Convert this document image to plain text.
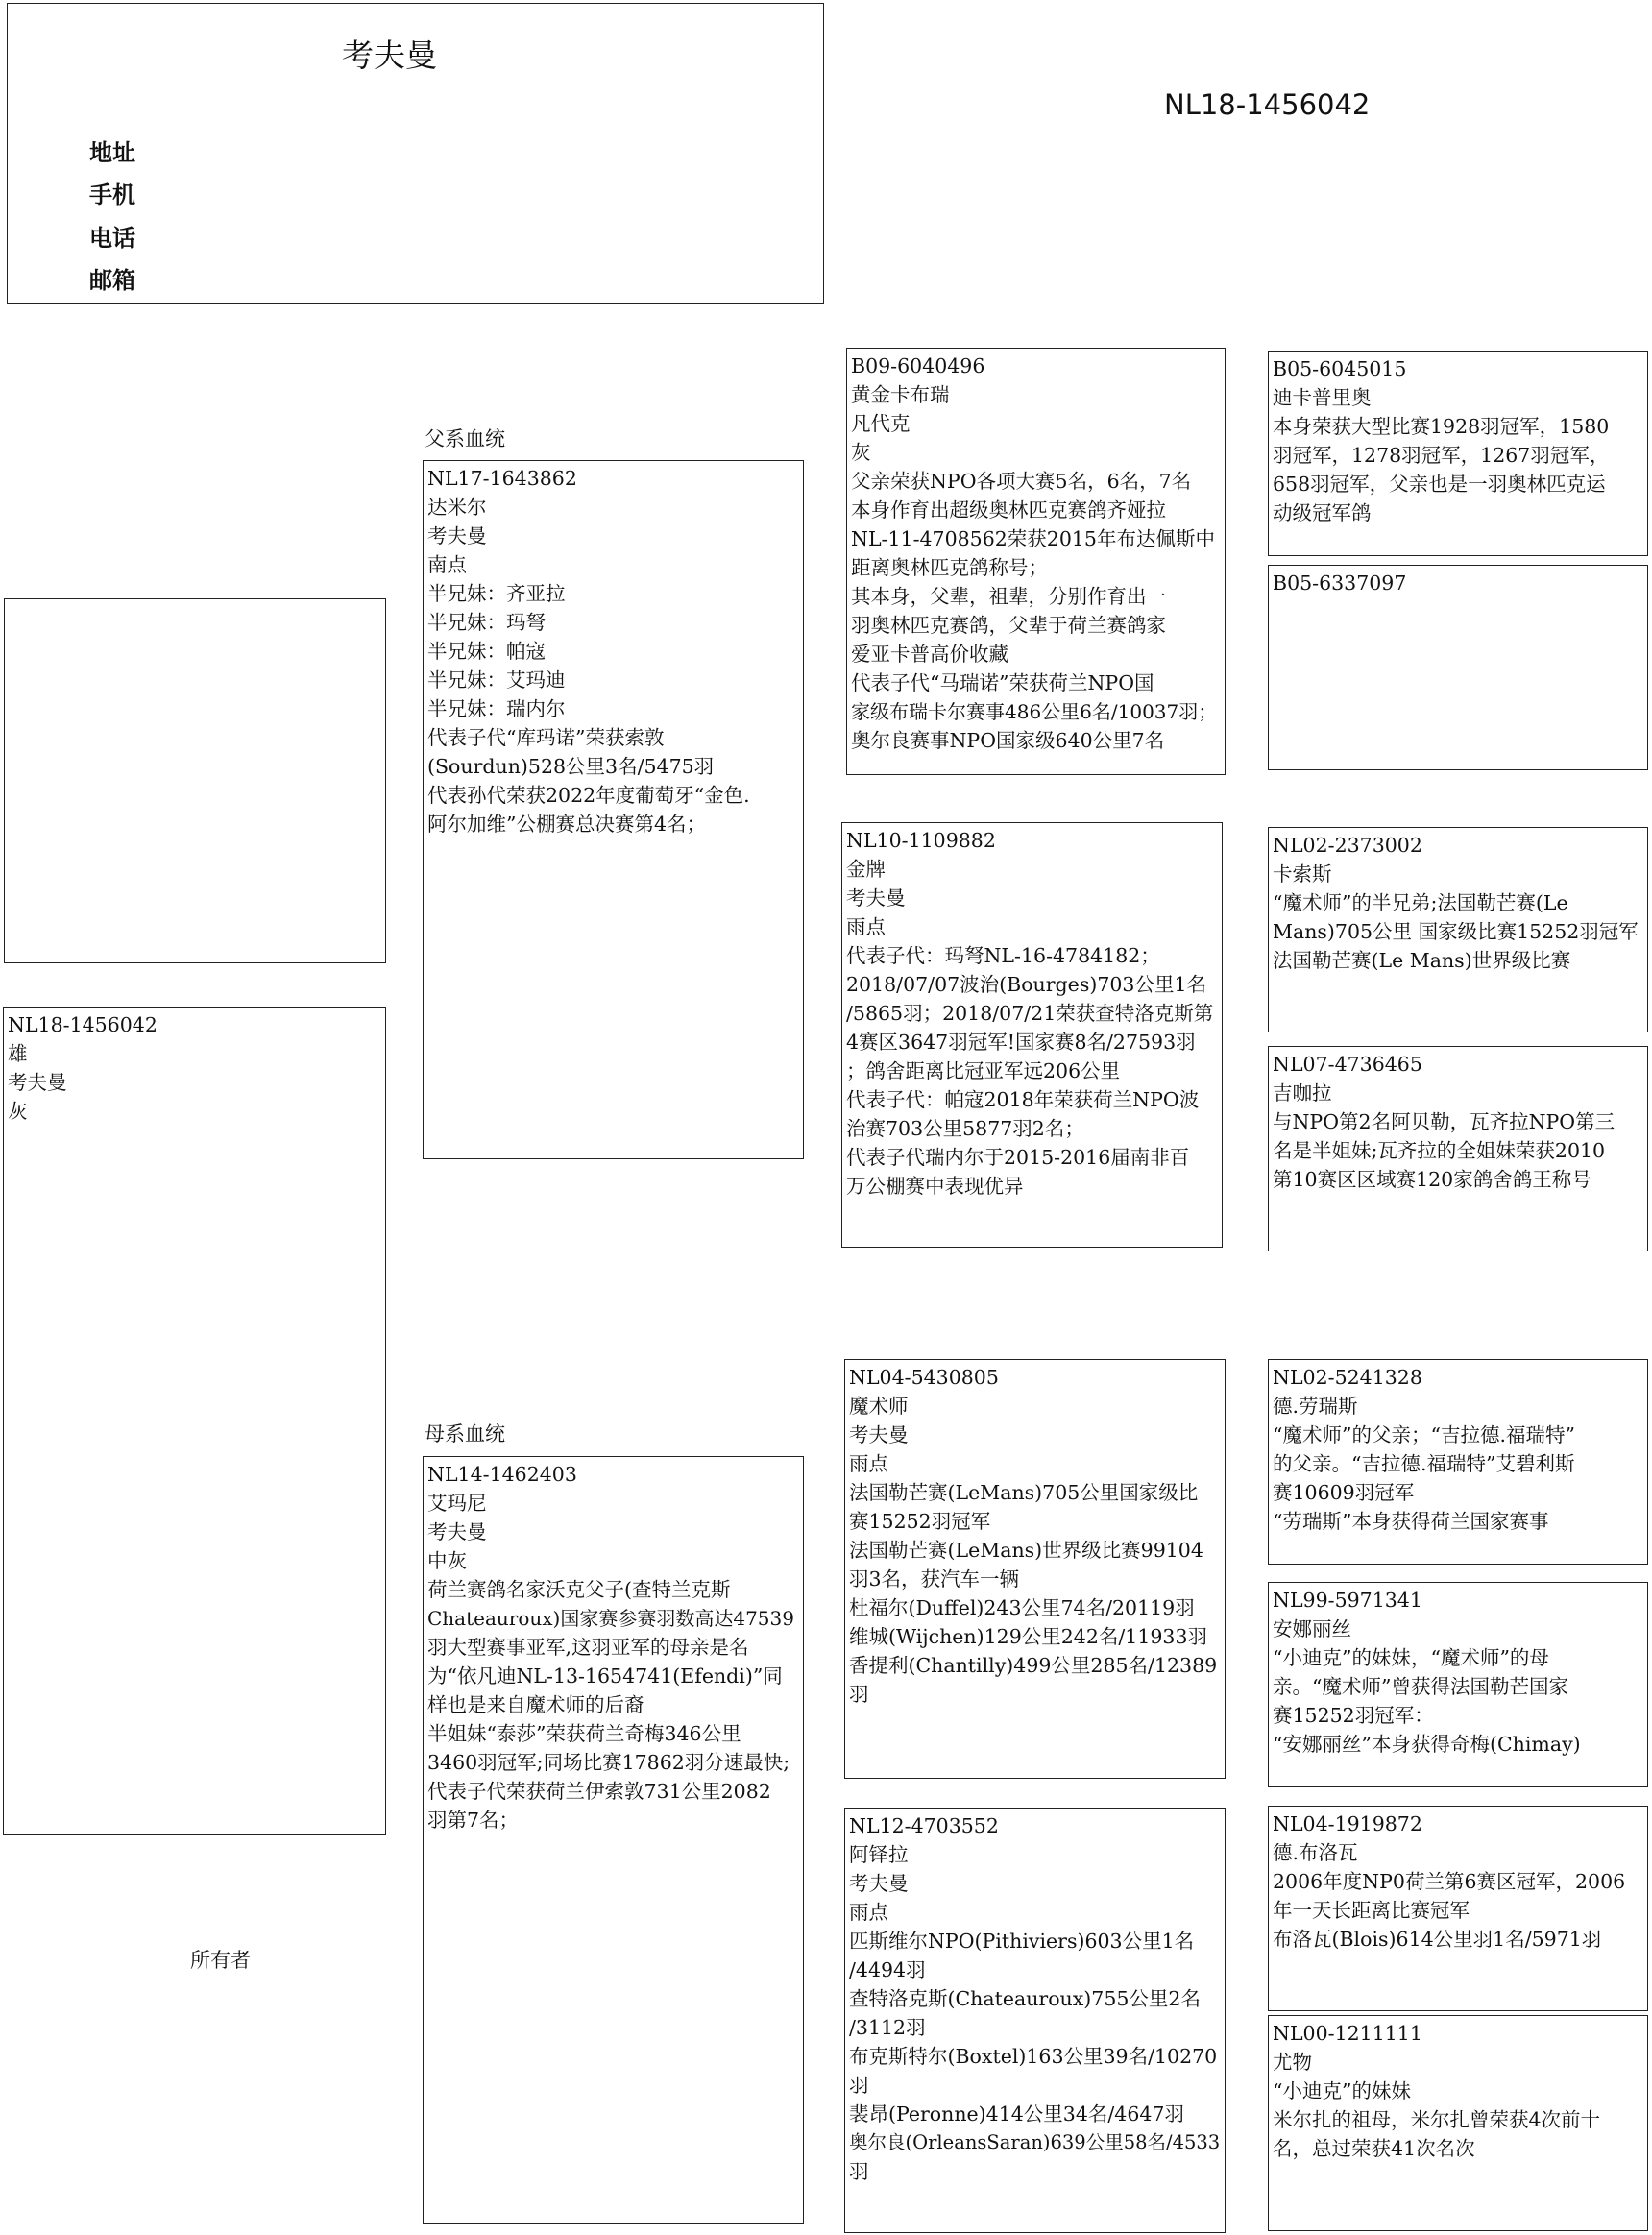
考夫曼
地址
手机
电话
邮箱
NL18-1456042
NL18-1456042
雄
考夫曼
灰
所有者
父系血统
NL17-1643862
达米尔
考夫曼
南点
半兄妹：齐亚拉
半兄妹：玛弩
半兄妹：帕寇
半兄妹：艾玛迪
半兄妹：瑞内尔
代表子代“库玛诺”荣获索敦
(Sourdun)528公里3名/5475羽
代表孙代荣获2022年度葡萄牙“金色.
阿尔加维”公棚赛总决赛第4名；
母系血统
NL14-1462403
艾玛尼
考夫曼
中灰
荷兰赛鸽名家沃克父子(查特兰克斯
Chateauroux)国家赛参赛羽数高达47539
羽大型赛事亚军,这羽亚军的母亲是名
为“依凡迪NL-13-1654741(Efendi)”同
样也是来自魔术师的后裔
半姐妹“泰莎”荣获荷兰奇梅346公里
3460羽冠军;同场比赛17862羽分速最快;
代表子代荣获荷兰伊索敦731公里2082
羽第7名；
B09-6040496
黄金卡布瑞
凡代克
灰
父亲荣获NPO各项大赛5名，6名，7名
本身作育出超级奥林匹克赛鸽齐娅拉
NL-11-4708562荣获2015年布达佩斯中
距离奥林匹克鸽称号；
其本身，父辈，祖辈，分别作育出一
羽奥林匹克赛鸽，父辈于荷兰赛鸽家
爱亚卡普高价收藏
代表子代“马瑞诺”荣获荷兰NPO国
家级布瑞卡尔赛事486公里6名/10037羽；
奥尔良赛事NPO国家级640公里7名
NL10-1109882
金牌
考夫曼
雨点
代表子代：玛弩NL-16-4784182；
2018/07/07波治(Bourges)703公里1名
/5865羽；2018/07/21荣获查特洛克斯第
4赛区3647羽冠军!国家赛8名/27593羽
；鸽舍距离比冠亚军远206公里
代表子代：帕寇2018年荣获荷兰NPO波
治赛703公里5877羽2名；
代表子代瑞内尔于2015-2016届南非百
万公棚赛中表现优异
NL04-5430805
魔术师
考夫曼
雨点
法国勒芒赛(LeMans)705公里国家级比
赛15252羽冠军
法国勒芒赛(LeMans)世界级比赛99104
羽3名，获汽车一辆
杜福尔(Duffel)243公里74名/20119羽
维城(Wijchen)129公里242名/11933羽
香提利(Chantilly)499公里285名/12389
羽
NL12-4703552
阿铎拉
考夫曼
雨点
匹斯维尔NPO(Pithiviers)603公里1名
/4494羽
查特洛克斯(Chateauroux)755公里2名
/3112羽
布克斯特尔(Boxtel)163公里39名/10270
羽
裴昂(Peronne)414公里34名/4647羽
奥尔良(OrleansSaran)639公里58名/4533
羽
B05-6045015
迪卡普里奥
本身荣获大型比赛1928羽冠军，1580
羽冠军，1278羽冠军，1267羽冠军，
658羽冠军，父亲也是一羽奥林匹克运
动级冠军鸽
B05-6337097
NL02-2373002
卡索斯
“魔术师”的半兄弟;法国勒芒赛(Le
Mans)705公里 国家级比赛15252羽冠军
法国勒芒赛(Le Mans)世界级比赛
NL07-4736465
吉咖拉
与NPO第2名阿贝勒，瓦齐拉NPO第三
名是半姐妹;瓦齐拉的全姐妹荣获2010
第10赛区区域赛120家鸽舍鸽王称号
NL02-5241328
德.劳瑞斯
“魔术师”的父亲；“吉拉德.福瑞特”
的父亲。“吉拉德.福瑞特”艾碧利斯
赛10609羽冠军
“劳瑞斯”本身获得荷兰国家赛事
NL99-5971341
安娜丽丝
“小迪克”的妹妹，“魔术师”的母
亲。“魔术师”曾获得法国勒芒国家
赛15252羽冠军：
“安娜丽丝”本身获得奇梅(Chimay)
NL04-1919872
德.布洛瓦
2006年度NP0荷兰第6赛区冠军，2006
年一天长距离比赛冠军
布洛瓦(Blois)614公里羽1名/5971羽
NL00-1211111
尤物
“小迪克”的妹妹
米尔扎的祖母，米尔扎曾荣获4次前十
名，总过荣获41次名次
